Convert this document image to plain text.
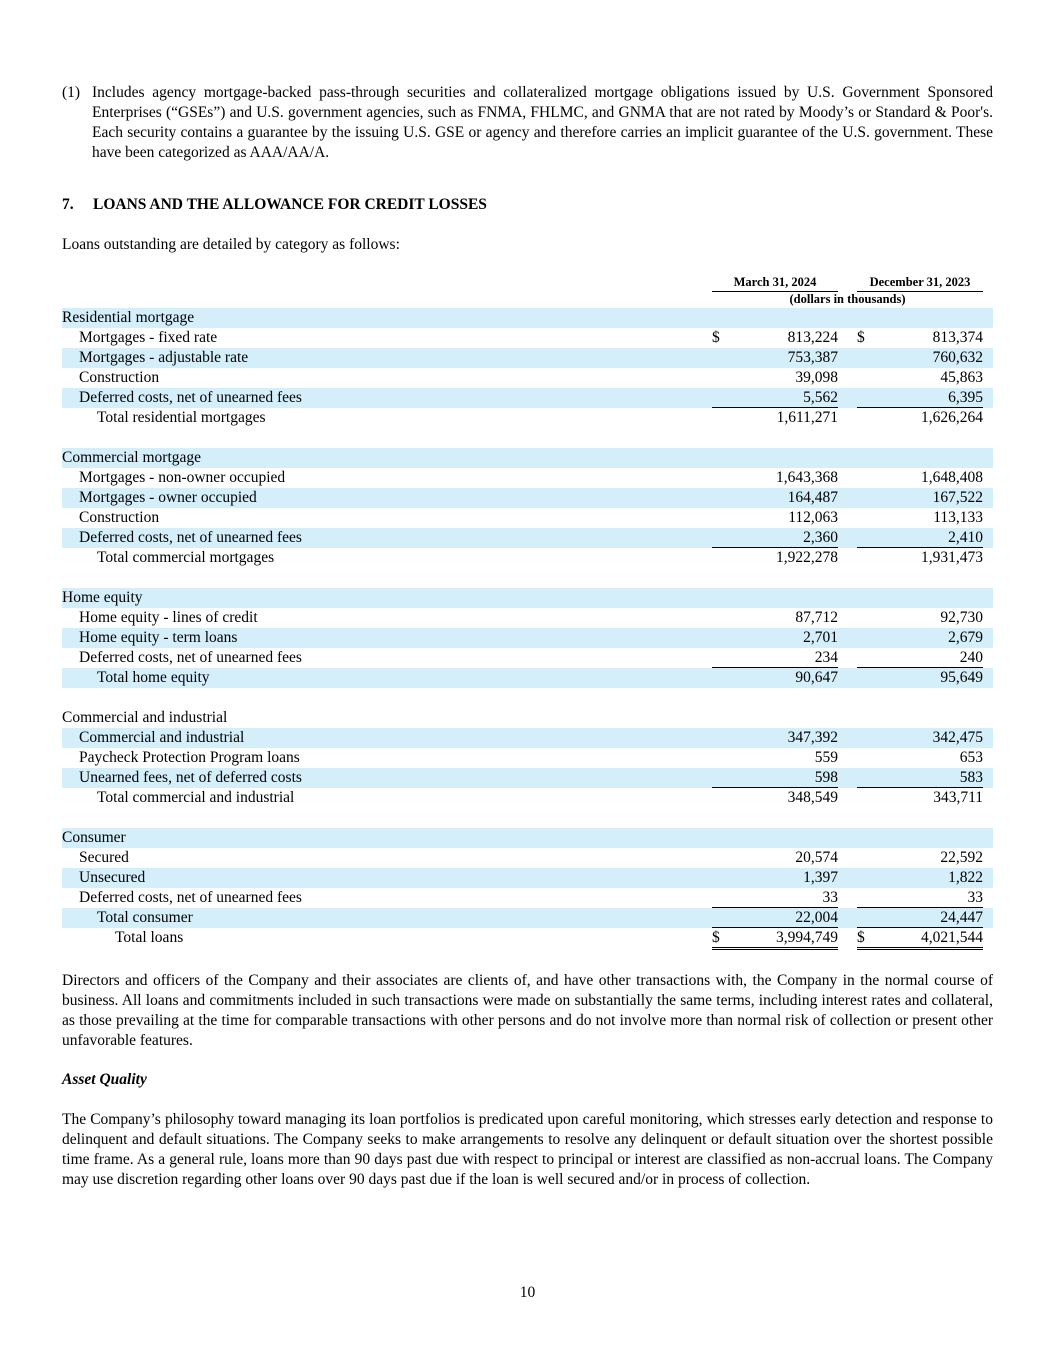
(1) Includes agency mortgage-backed pass-through securities and collateralized mortgage obligations issued by U.S. Government Sponsored Enterprises (“GSEs”) and U.S. government agencies, such as FNMA, FHLMC, and GNMA that are not rated by Moody’s or Standard & Poor's. Each security contains a guarantee by the issuing U.S. GSE or agency and therefore carries an implicit guarantee of the U.S. government. These have been categorized as AAA/AA/A.
7. LOANS AND THE ALLOWANCE FOR CREDIT LOSSES
Loans outstanding are detailed by category as follows:
March 31, 2024	December 31, 2023
(dollars in thousands)
Residential mortgage
Mortgages - fixed rate	$	813,224 $	813,374
Mortgages - adjustable rate	753,387	760,632
Construction	39,098	45,863
Deferred costs, net of unearned fees	5,562	6,395
Total residential mortgages	1,611,271	1,626,264
Commercial mortgage
Mortgages - non-owner occupied	1,643,368	1,648,408
Mortgages - owner occupied	164,487	167,522
Construction	112,063	113,133
Deferred costs, net of unearned fees	2,360	2,410
Total commercial mortgages	1,922,278	1,931,473
Home equity
Home equity - lines of credit	87,712	92,730
Home equity - term loans	2,701	2,679
Deferred costs, net of unearned fees	234	240
Total home equity	90,647	95,649
Commercial and industrial
Commercial and industrial	347,392	342,475
Paycheck Protection Program loans	559	653
Unearned fees, net of deferred costs	598	583
Total commercial and industrial	348,549	343,711
Consumer
Secured	20,574	22,592
Unsecured	1,397	1,822
Deferred costs, net of unearned fees	33	33
Total consumer	22,004	24,447
Total loans	$	3,994,749 $	4,021,544
Directors and officers of the Company and their associates are clients of, and have other transactions with, the Company in the normal course of business. All loans and commitments included in such transactions were made on substantially the same terms, including interest rates and collateral, as those prevailing at the time for comparable transactions with other persons and do not involve more than normal risk of collection or present other unfavorable features.
Asset Quality
The Company’s philosophy toward managing its loan portfolios is predicated upon careful monitoring, which stresses early detection and response to delinquent and default situations. The Company seeks to make arrangements to resolve any delinquent or default situation over the shortest possible time frame. As a general rule, loans more than 90 days past due with respect to principal or interest are classified as non-accrual loans. The Company may use discretion regarding other loans over 90 days past due if the loan is well secured and/or in process of collection.
10
